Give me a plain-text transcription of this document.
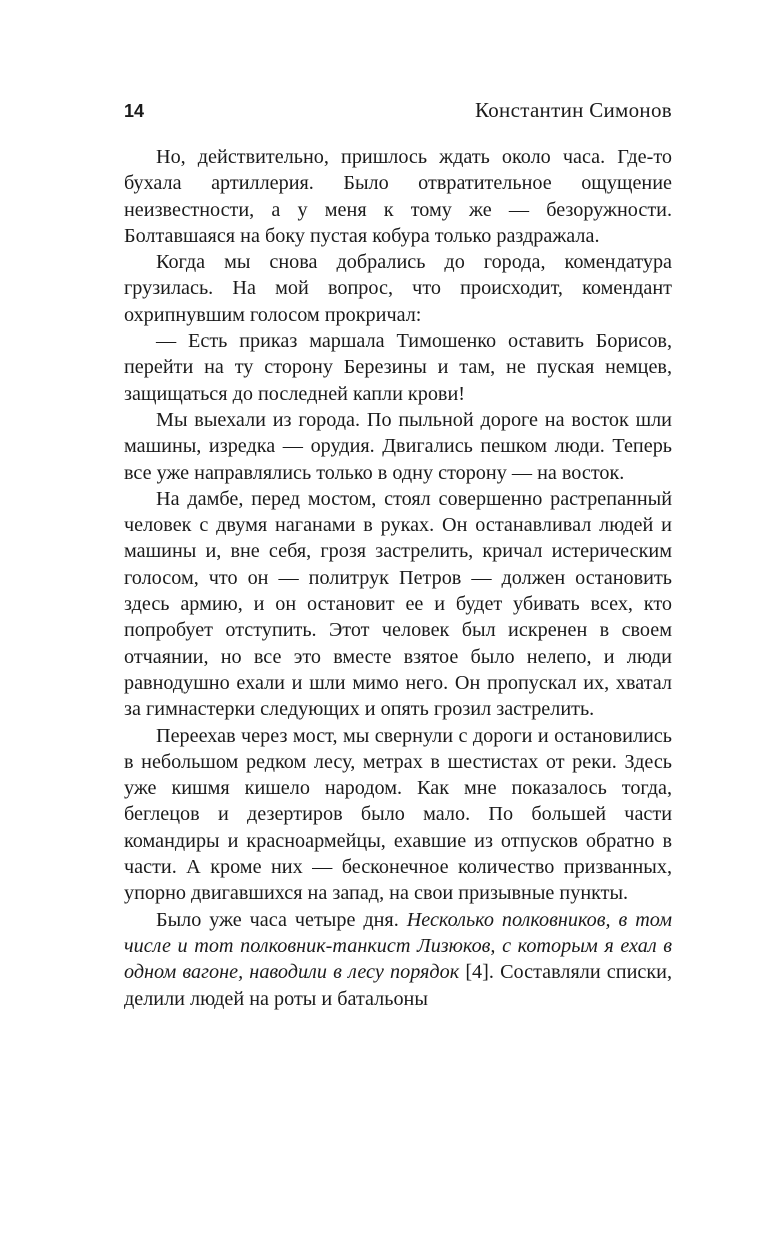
14	Константин Симонов

Но, действительно, пришлось ждать около часа. Где-то бухала артиллерия. Было отвратительное ощущение неизвестности, а у меня к тому же — безоружности. Болтавшаяся на боку пустая кобура только раздражала.

Когда мы снова добрались до города, комендатура грузилась. На мой вопрос, что происходит, комендант охрипнувшим голосом прокричал:

— Есть приказ маршала Тимошенко оставить Борисов, перейти на ту сторону Березины и там, не пуская немцев, защищаться до последней капли крови!

Мы выехали из города. По пыльной дороге на восток шли машины, изредка — орудия. Двигались пешком люди. Теперь все уже направлялись только в одну сторону — на восток.

На дамбе, перед мостом, стоял совершенно растрепанный человек с двумя наганами в руках. Он останавливал людей и машины и, вне себя, грозя застрелить, кричал истерическим голосом, что он — политрук Петров — должен остановить здесь армию, и он остановит ее и будет убивать всех, кто попробует отступить. Этот человек был искренен в своем отчаянии, но все это вместе взятое было нелепо, и люди равнодушно ехали и шли мимо него. Он пропускал их, хватал за гимнастерки следующих и опять грозил застрелить.

Переехав через мост, мы свернули с дороги и остановились в небольшом редком лесу, метрах в шестистах от реки. Здесь уже кишмя кишело народом. Как мне показалось тогда, беглецов и дезертиров было мало. По большей части командиры и красноармейцы, ехавшие из отпусков обратно в части. А кроме них — бесконечное количество призванных, упорно двигавшихся на запад, на свои призывные пункты.

Было уже часа четыре дня. Несколько полковников, в том числе и тот полковник-танкист Лизюков, с которым я ехал в одном вагоне, наводили в лесу порядок [4]. Составляли списки, делили людей на роты и батальоны
